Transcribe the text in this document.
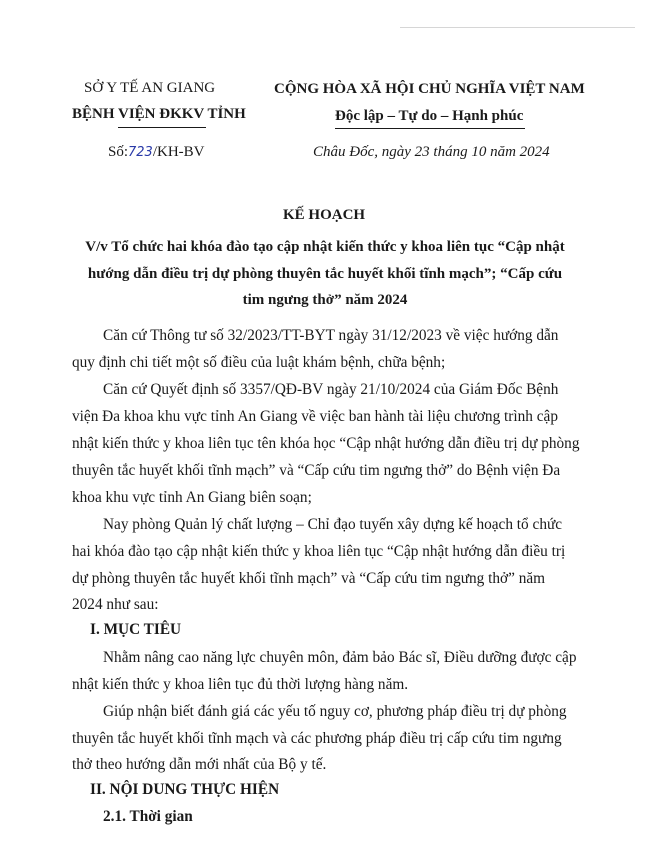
SỞ Y TẾ AN GIANG
BỆNH VIỆN ĐKKV TỈNH
Số:723/KH-BV
CỘNG HÒA XÃ HỘI CHỦ NGHĨA VIỆT NAM
Độc lập – Tự do – Hạnh phúc
Châu Đốc, ngày 23 tháng 10 năm 2024
KẾ HOẠCH
V/v Tổ chức hai khóa đào tạo cập nhật kiến thức y khoa liên tục “Cập nhật
hướng dẫn điều trị dự phòng thuyên tắc huyết khối tĩnh mạch”; “Cấp cứu
tim ngưng thở” năm 2024
Căn cứ Thông tư số 32/2023/TT-BYT ngày 31/12/2023 về việc hướng dẫn
quy định chi tiết một số điều của luật khám bệnh, chữa bệnh;
Căn cứ Quyết định số 3357/QĐ-BV ngày 21/10/2024 của Giám Đốc Bệnh
viện Đa khoa khu vực tỉnh An Giang về việc ban hành tài liệu chương trình cập
nhật kiến thức y khoa liên tục tên khóa học “Cập nhật hướng dẫn điều trị dự phòng
thuyên tắc huyết khối tĩnh mạch” và “Cấp cứu tim ngưng thở” do Bệnh viện Đa
khoa khu vực tỉnh An Giang biên soạn;
Nay phòng Quản lý chất lượng – Chỉ đạo tuyến xây dựng kế hoạch tổ chức
hai khóa đào tạo cập nhật kiến thức y khoa liên tục “Cập nhật hướng dẫn điều trị
dự phòng thuyên tắc huyết khối tĩnh mạch” và “Cấp cứu tim ngưng thở” năm
2024 như sau:
I. MỤC TIÊU
Nhằm nâng cao năng lực chuyên môn, đảm bảo Bác sĩ, Điều dưỡng được cập
nhật kiến thức y khoa liên tục đủ thời lượng hàng năm.
Giúp nhận biết đánh giá các yếu tố nguy cơ, phương pháp điều trị dự phòng
thuyên tắc huyết khối tĩnh mạch và các phương pháp điều trị cấp cứu tim ngưng
thở theo hướng dẫn mới nhất của Bộ y tế.
II. NỘI DUNG THỰC HIỆN
2.1. Thời gian
